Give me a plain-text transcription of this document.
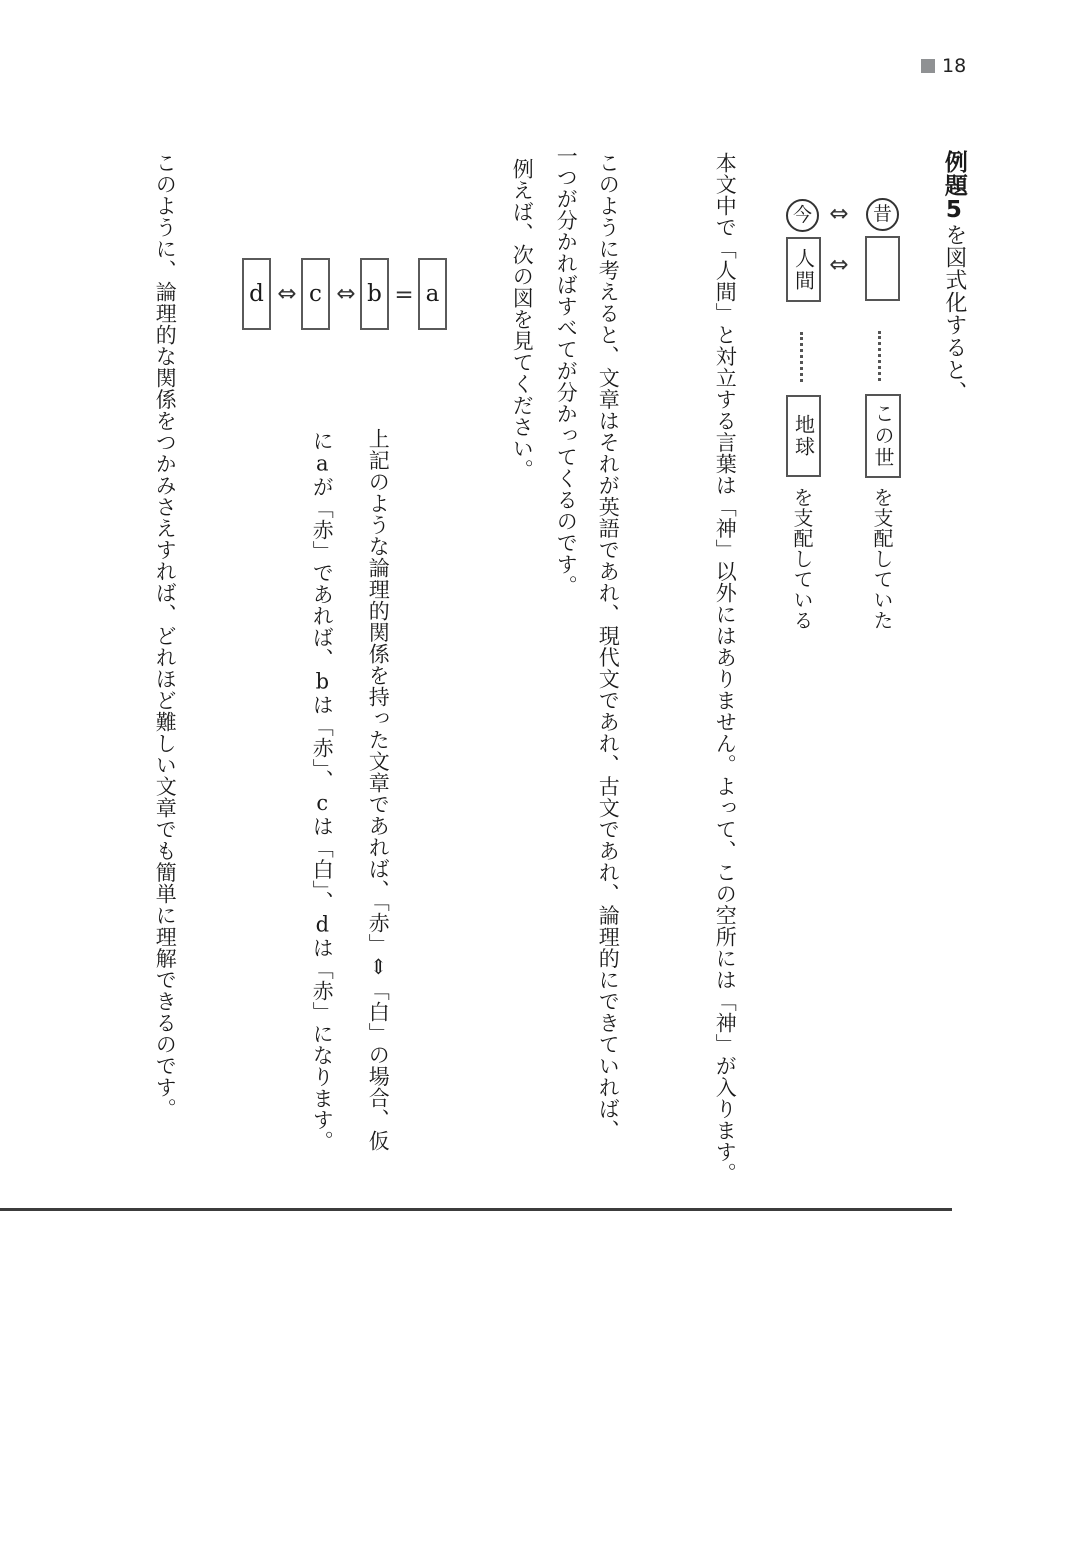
18
例題5を図式化すると、
昔
⇔
今
⇔
人間
この世
地球
を支配していた
を支配している
本文中で「人間」と対立する言葉は「神」以外にはありません。よって、この空所には「神」が入ります。
このように考えると、文章はそれが英語であれ、現代文であれ、古文であれ、論理的にできていれば、
一つが分かればすべてが分かってくるのです。
例えば、次の図を見てください。
d ⇔ c ⇔ b = a
上記のような論理的関係を持った文章であれば、「赤」⇕「白」の場合、仮
にaが「赤」であれば、bは「赤」、cは「白」、dは「赤」になります。
このように、論理的な関係をつかみさえすれば、どれほど難しい文章でも簡単に理解できるのです。
